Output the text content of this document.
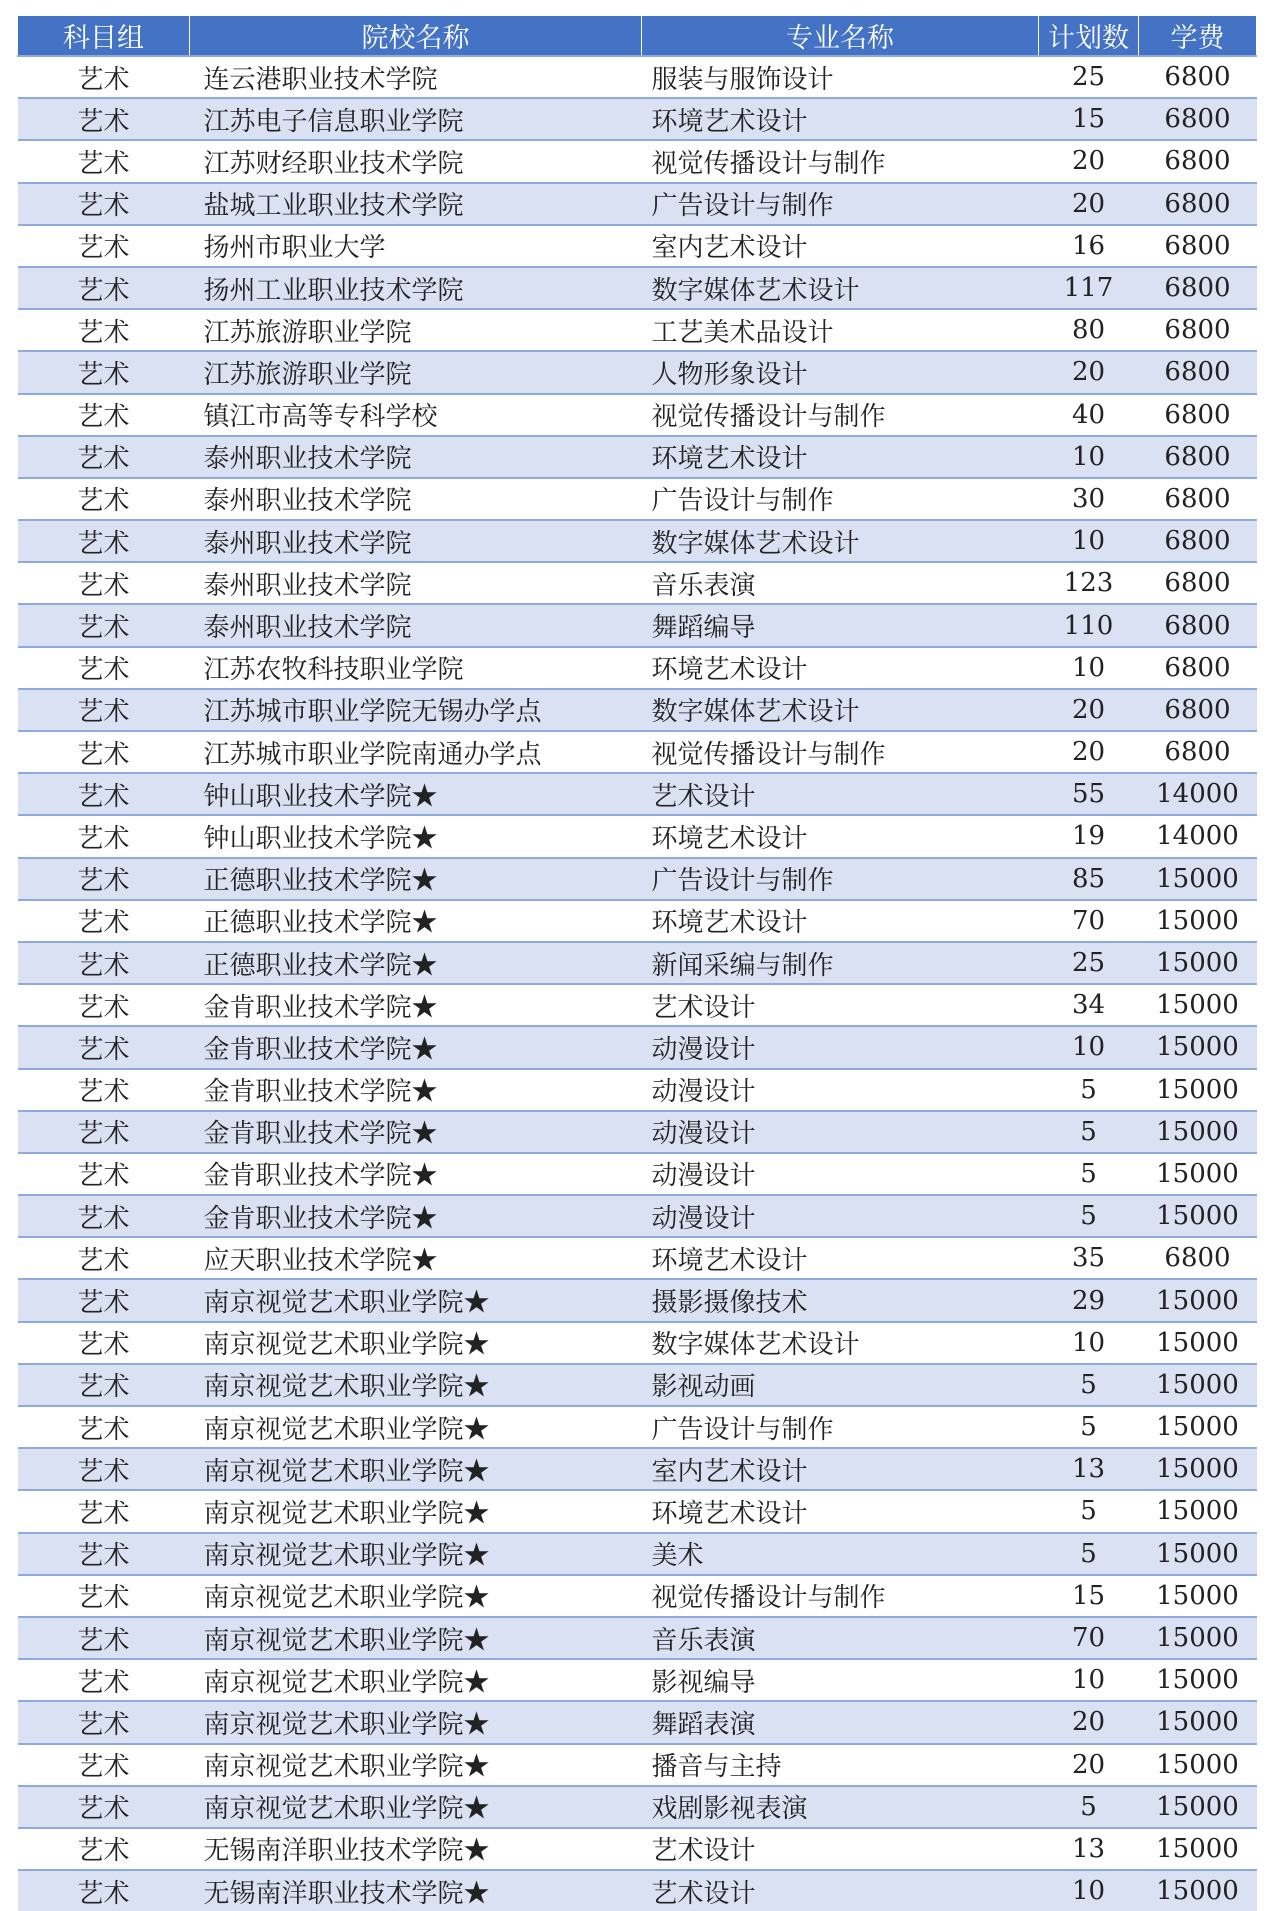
科目组	院校名称	专业名称	计划数	学费
艺术	连云港职业技术学院	服装与服饰设计	25	6800
艺术	江苏电子信息职业学院	环境艺术设计	15	6800
艺术	江苏财经职业技术学院	视觉传播设计与制作	20	6800
艺术	盐城工业职业技术学院	广告设计与制作	20	6800
艺术	扬州市职业大学	室内艺术设计	16	6800
艺术	扬州工业职业技术学院	数字媒体艺术设计	117	6800
艺术	江苏旅游职业学院	工艺美术品设计	80	6800
艺术	江苏旅游职业学院	人物形象设计	20	6800
艺术	镇江市高等专科学校	视觉传播设计与制作	40	6800
艺术	泰州职业技术学院	环境艺术设计	10	6800
艺术	泰州职业技术学院	广告设计与制作	30	6800
艺术	泰州职业技术学院	数字媒体艺术设计	10	6800
艺术	泰州职业技术学院	音乐表演	123	6800
艺术	泰州职业技术学院	舞蹈编导	110	6800
艺术	江苏农牧科技职业学院	环境艺术设计	10	6800
艺术	江苏城市职业学院无锡办学点	数字媒体艺术设计	20	6800
艺术	江苏城市职业学院南通办学点	视觉传播设计与制作	20	6800
艺术	钟山职业技术学院★	艺术设计	55	14000
艺术	钟山职业技术学院★	环境艺术设计	19	14000
艺术	正德职业技术学院★	广告设计与制作	85	15000
艺术	正德职业技术学院★	环境艺术设计	70	15000
艺术	正德职业技术学院★	新闻采编与制作	25	15000
艺术	金肯职业技术学院★	艺术设计	34	15000
艺术	金肯职业技术学院★	动漫设计	10	15000
艺术	金肯职业技术学院★	动漫设计	5	15000
艺术	金肯职业技术学院★	动漫设计	5	15000
艺术	金肯职业技术学院★	动漫设计	5	15000
艺术	金肯职业技术学院★	动漫设计	5	15000
艺术	应天职业技术学院★	环境艺术设计	35	6800
艺术	南京视觉艺术职业学院★	摄影摄像技术	29	15000
艺术	南京视觉艺术职业学院★	数字媒体艺术设计	10	15000
艺术	南京视觉艺术职业学院★	影视动画	5	15000
艺术	南京视觉艺术职业学院★	广告设计与制作	5	15000
艺术	南京视觉艺术职业学院★	室内艺术设计	13	15000
艺术	南京视觉艺术职业学院★	环境艺术设计	5	15000
艺术	南京视觉艺术职业学院★	美术	5	15000
艺术	南京视觉艺术职业学院★	视觉传播设计与制作	15	15000
艺术	南京视觉艺术职业学院★	音乐表演	70	15000
艺术	南京视觉艺术职业学院★	影视编导	10	15000
艺术	南京视觉艺术职业学院★	舞蹈表演	20	15000
艺术	南京视觉艺术职业学院★	播音与主持	20	15000
艺术	南京视觉艺术职业学院★	戏剧影视表演	5	15000
艺术	无锡南洋职业技术学院★	艺术设计	13	15000
艺术	无锡南洋职业技术学院★	艺术设计	10	15000
